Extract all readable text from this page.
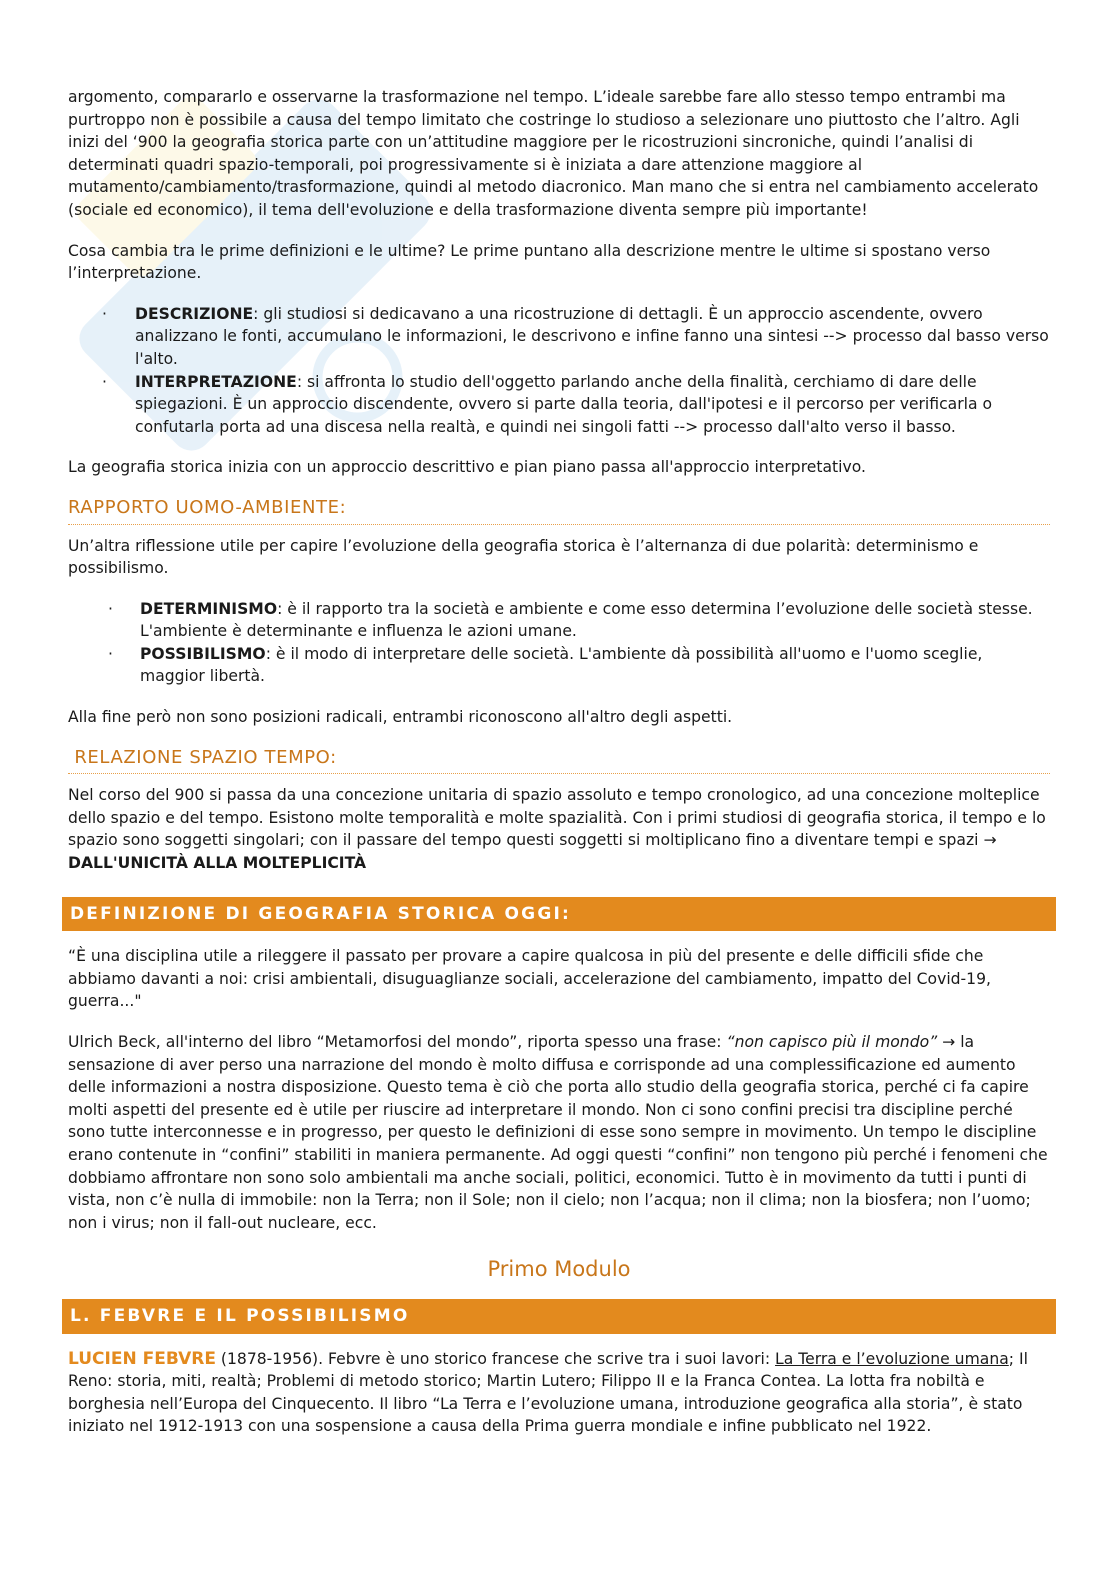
argomento, compararlo e osservarne la trasformazione nel tempo. L’ideale sarebbe fare allo stesso tempo entrambi ma purtroppo non è possibile a causa del tempo limitato che costringe lo studioso a selezionare uno piuttosto che l’altro. Agli inizi del ‘900 la geografia storica parte con un’attitudine maggiore per le ricostruzioni sincroniche, quindi l’analisi di determinati quadri spazio-temporali, poi progressivamente si è iniziata a dare attenzione maggiore al mutamento/cambiamento/trasformazione, quindi al metodo diacronico. Man mano che si entra nel cambiamento accelerato (sociale ed economico), il tema dell'evoluzione e della trasformazione diventa sempre più importante!

Cosa cambia tra le prime definizioni e le ultime? Le prime puntano alla descrizione mentre le ultime si spostano verso l’interpretazione.

· DESCRIZIONE: gli studiosi si dedicavano a una ricostruzione di dettagli. È un approccio ascendente, ovvero analizzano le fonti, accumulano le informazioni, le descrivono e infine fanno una sintesi --> processo dal basso verso l'alto.
· INTERPRETAZIONE: si affronta lo studio dell'oggetto parlando anche della finalità, cerchiamo di dare delle spiegazioni. È un approccio discendente, ovvero si parte dalla teoria, dall'ipotesi e il percorso per verificarla o confutarla porta ad una discesa nella realtà, e quindi nei singoli fatti --> processo dall'alto verso il basso.

La geografia storica inizia con un approccio descrittivo e pian piano passa all'approccio interpretativo.

RAPPORTO UOMO-AMBIENTE:

Un’altra riflessione utile per capire l’evoluzione della geografia storica è l’alternanza di due polarità: determinismo e possibilismo.

· DETERMINISMO: è il rapporto tra la società e ambiente e come esso determina l’evoluzione delle società stesse. L'ambiente è determinante e influenza le azioni umane.
· POSSIBILISMO: è il modo di interpretare delle società. L'ambiente dà possibilità all'uomo e l'uomo sceglie, maggior libertà.

Alla fine però non sono posizioni radicali, entrambi riconoscono all'altro degli aspetti.

RELAZIONE SPAZIO TEMPO:

Nel corso del 900 si passa da una concezione unitaria di spazio assoluto e tempo cronologico, ad una concezione molteplice dello spazio e del tempo. Esistono molte temporalità e molte spazialità. Con i primi studiosi di geografia storica, il tempo e lo spazio sono soggetti singolari; con il passare del tempo questi soggetti si moltiplicano fino a diventare tempi e spazi → DALL'UNICITÀ ALLA MOLTEPLICITÀ

DEFINIZIONE DI GEOGRAFIA STORICA OGGI:

“È una disciplina utile a rileggere il passato per provare a capire qualcosa in più del presente e delle difficili sfide che abbiamo davanti a noi: crisi ambientali, disuguaglianze sociali, accelerazione del cambiamento, impatto del Covid-19, guerra..."

Ulrich Beck, all'interno del libro “Metamorfosi del mondo”, riporta spesso una frase: “non capisco più il mondo” → la sensazione di aver perso una narrazione del mondo è molto diffusa e corrisponde ad una complessificazione ed aumento delle informazioni a nostra disposizione. Questo tema è ciò che porta allo studio della geografia storica, perché ci fa capire molti aspetti del presente ed è utile per riuscire ad interpretare il mondo. Non ci sono confini precisi tra discipline perché sono tutte interconnesse e in progresso, per questo le definizioni di esse sono sempre in movimento. Un tempo le discipline erano contenute in “confini” stabiliti in maniera permanente. Ad oggi questi “confini” non tengono più perché i fenomeni che dobbiamo affrontare non sono solo ambientali ma anche sociali, politici, economici. Tutto è in movimento da tutti i punti di vista, non c’è nulla di immobile: non la Terra; non il Sole; non il cielo; non l’acqua; non il clima; non la biosfera; non l’uomo; non i virus; non il fall-out nucleare, ecc.

Primo Modulo
L. FEBVRE E IL POSSIBILISMO

LUCIEN FEBVRE (1878-1956). Febvre è uno storico francese che scrive tra i suoi lavori: La Terra e l’evoluzione umana; Il Reno: storia, miti, realtà; Problemi di metodo storico; Martin Lutero; Filippo II e la Franca Contea. La lotta fra nobiltà e borghesia nell’Europa del Cinquecento. Il libro “La Terra e l’evoluzione umana, introduzione geografica alla storia”, è stato iniziato nel 1912-1913 con una sospensione a causa della Prima guerra mondiale e infine pubblicato nel 1922.
